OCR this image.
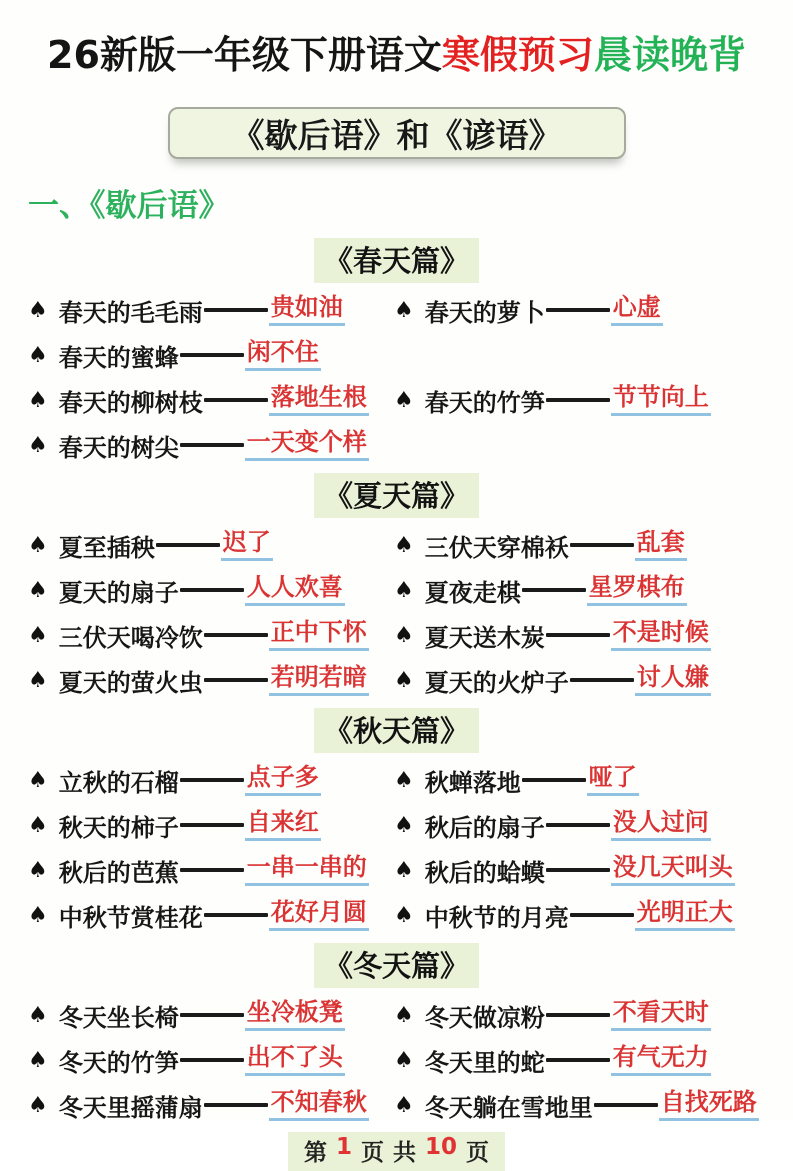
26新版一年级下册语文寒假预习晨读晚背
《歇后语》和《谚语》
一、《歇后语》
《春天篇》
♠ 春天的毛毛雨	贵如油 ♠ 春天的萝卜	心虚
♠ 春天的蜜蜂	闲不住
♠ 春天的柳树枝	落地生根 ♠ 春天的竹笋	节节向上
♠ 春天的树尖	一天变个样
《夏天篇》
♠ 夏至插秧	迟了	♠ 三伏天穿棉袄	乱套
♠ 夏天的扇子	人人欢喜 ♠ 夏夜走棋	星罗棋布
♠ 三伏天喝冷饮	正中下怀 ♠ 夏天送木炭	不是时候
♠ 夏天的萤火虫	若明若暗 ♠ 夏天的火炉子	讨人嫌
《秋天篇》
♠ 立秋的石榴	点子多	♠ 秋蝉落地	哑了
♠ 秋天的柿子	自来红	♠ 秋后的扇子	没人过问
♠ 秋后的芭蕉	一串一串的 ♠ 秋后的蛤蟆	没几天叫头
♠ 中秋节赏桂花	花好月圆 ♠ 中秋节的月亮	光明正大
《冬天篇》
♠ 冬天坐长椅	坐冷板凳 ♠ 冬天做凉粉	不看天时
♠ 冬天的竹笋	出不了头 ♠ 冬天里的蛇	有气无力
♠ 冬天里摇蒲扇	不知春秋 ♠ 冬天躺在雪地里	自找死路
第 1 页 共 10 页
